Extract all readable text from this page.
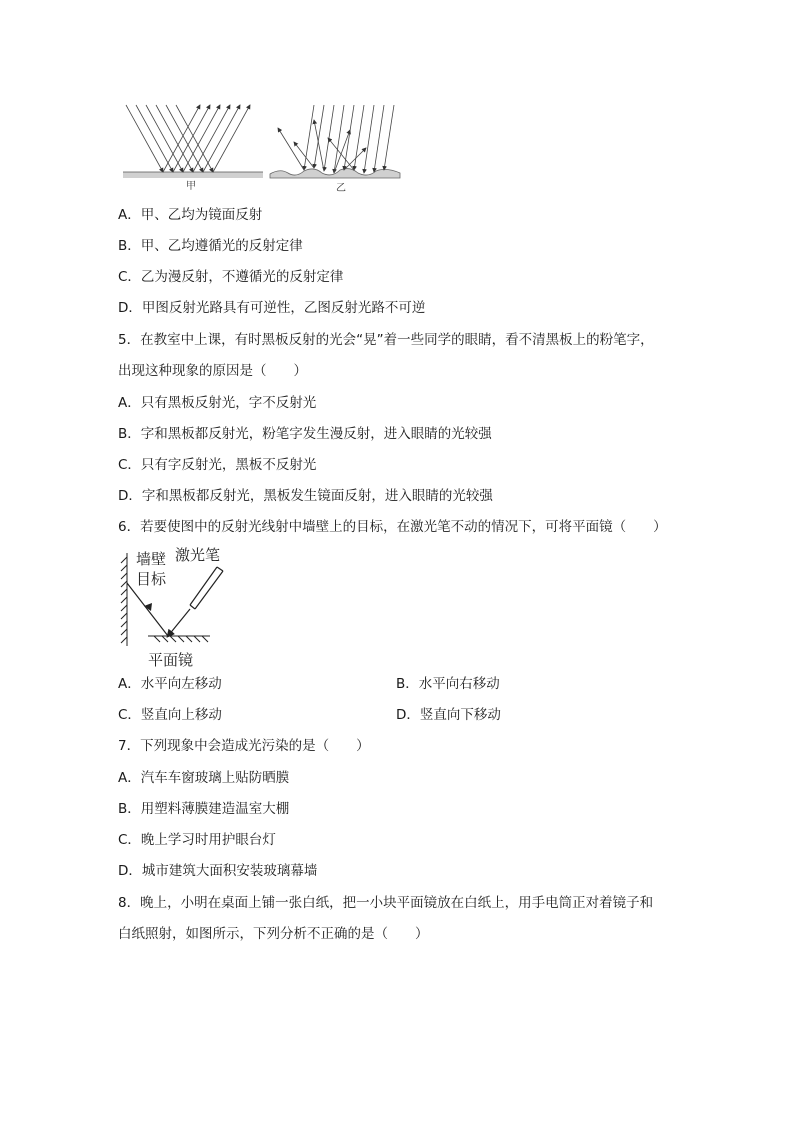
甲	乙
A．甲、乙均为镜面反射
B．甲、乙均遵循光的反射定律
C．乙为漫反射，不遵循光的反射定律
D．甲图反射光路具有可逆性，乙图反射光路不可逆
5．在教室中上课，有时黑板反射的光会“晃”着一些同学的眼睛，看不清黑板上的粉笔字，
出现这种现象的原因是（　　）
A．只有黑板反射光，字不反射光
B．字和黑板都反射光，粉笔字发生漫反射，进入眼睛的光较强
C．只有字反射光，黑板不反射光
D．字和黑板都反射光，黑板发生镜面反射，进入眼睛的光较强
6．若要使图中的反射光线射中墙壁上的目标，在激光笔不动的情况下，可将平面镜（　　）
墙壁
目标
激光笔
平面镜
A．水平向左移动	B．水平向右移动
C．竖直向上移动	D．竖直向下移动
7．下列现象中会造成光污染的是（　　）
A．汽车车窗玻璃上贴防晒膜
B．用塑料薄膜建造温室大棚
C．晚上学习时用护眼台灯
D．城市建筑大面积安装玻璃幕墙
8．晚上，小明在桌面上铺一张白纸，把一小块平面镜放在白纸上，用手电筒正对着镜子和
白纸照射，如图所示，下列分析不正确的是（　　）
